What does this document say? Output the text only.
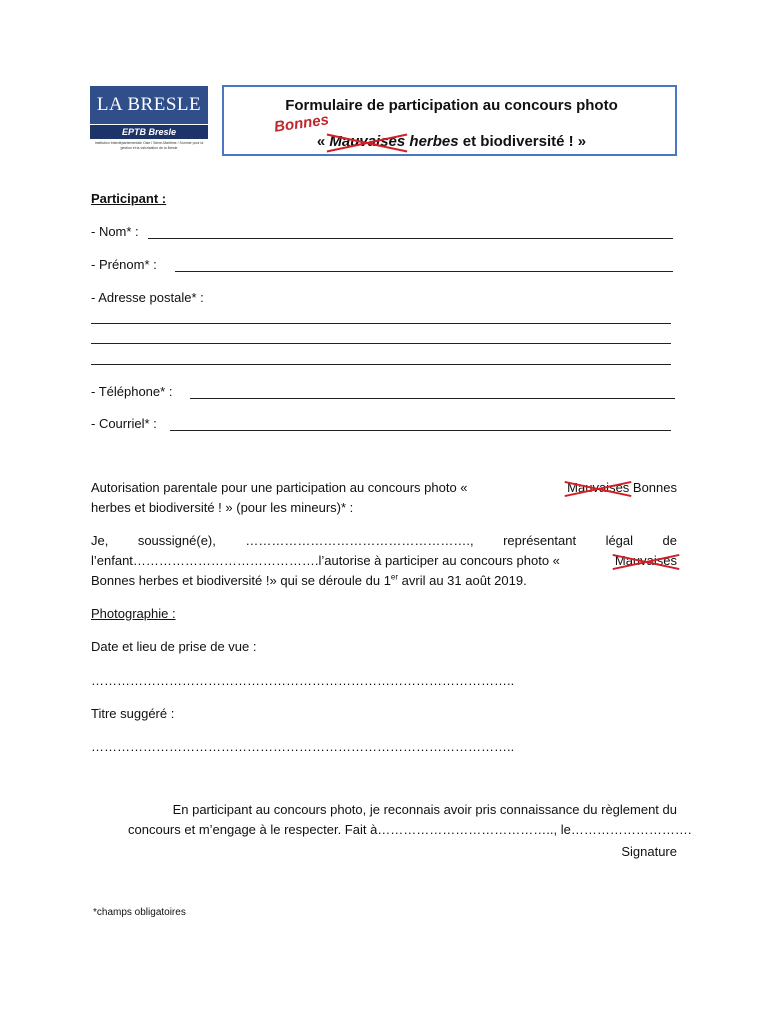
LA BRESLE
EPTB Bresle
Institution Interdépartementale Oise / Seine-Maritime / Somme pour la gestion et la valorisation de la Bresle
Formulaire de participation au concours photo
Bonnes
« Mauvaises herbes et biodiversité ! »
Participant :
- Nom* :
- Prénom* :
- Adresse postale* :
- Téléphone* :
- Courriel* :
Autorisation parentale pour une participation au concours photo «	Mauvaises Bonnes
herbes et biodiversité ! » (pour les mineurs)* :
Je, soussigné(e), ……………………………………………., représentant légal de
l’enfant…………………………………….l’autorise à participer au concours photo «	Mauvaises
Bonnes herbes et biodiversité !» qui se déroule du 1er avril au 31 août 2019.
Photographie :
Date et lieu de prise de vue :
……………………………………………………………………………………..
Titre suggéré :
……………………………………………………………………………………..
En participant au concours photo, je reconnais avoir pris connaissance du règlement du
concours et m’engage à le respecter. Fait à………………………………….., le……………………….
Signature
*champs obligatoires
